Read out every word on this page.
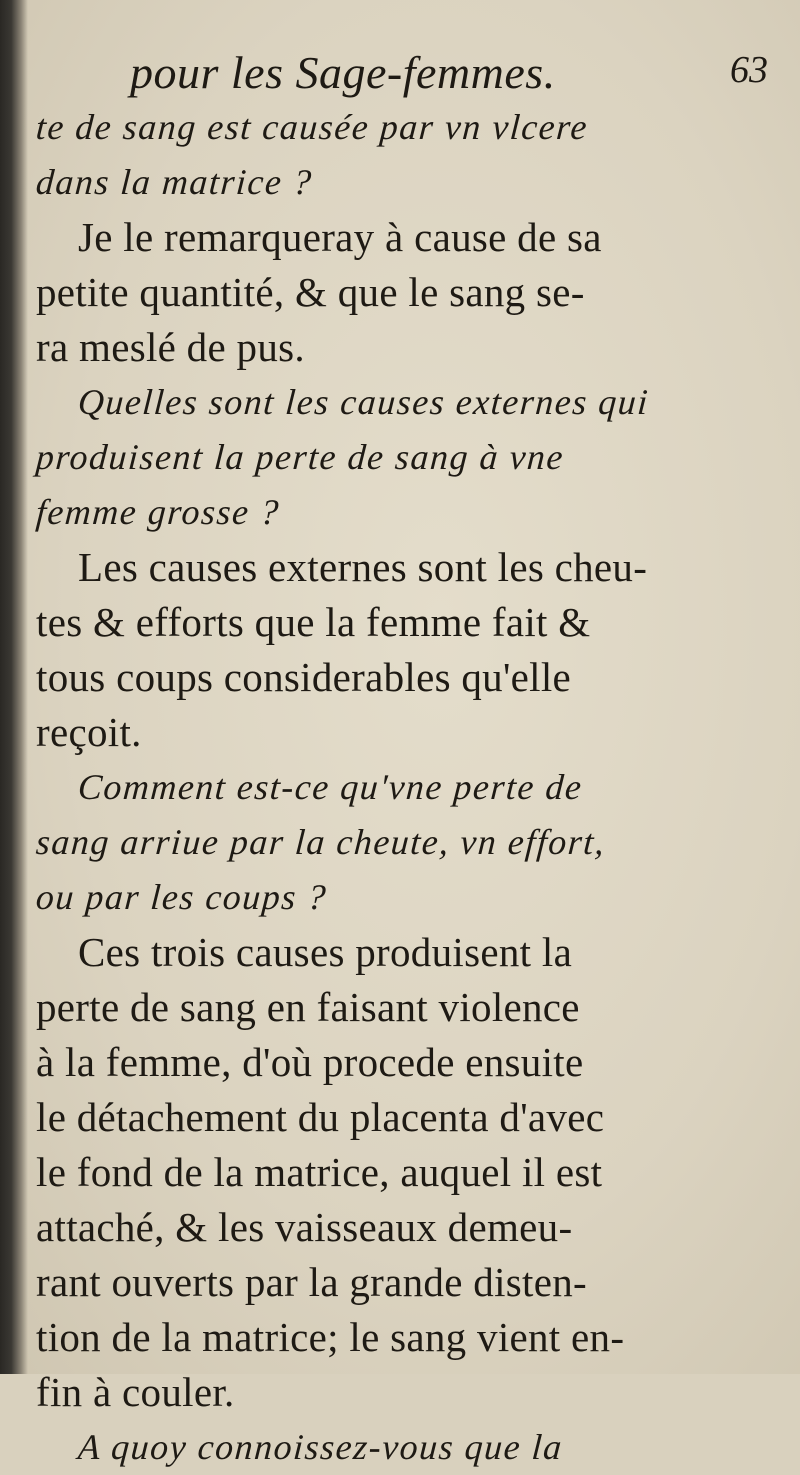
pour les Sage-femmes.	63
te de sang est causée par vn vlcere
dans la matrice ?
Je le remarqueray à cause de sa
petite quantité, & que le sang se-
ra meslé de pus.
Quelles sont les causes externes qui
produisent la perte de sang à vne
femme grosse ?
Les causes externes sont les cheu-
tes & efforts que la femme fait &
tous coups considerables qu'elle
reçoit.
Comment est-ce qu'vne perte de
sang arriue par la cheute, vn effort,
ou par les coups ?
Ces trois causes produisent la
perte de sang en faisant violence
à la femme, d'où procede ensuite
le détachement du placenta d'avec
le fond de la matrice, auquel il est
attaché, & les vaisseaux demeu-
rant ouverts par la grande disten-
tion de la matrice; le sang vient en-
fin à couler.
A quoy connoissez-vous que la
